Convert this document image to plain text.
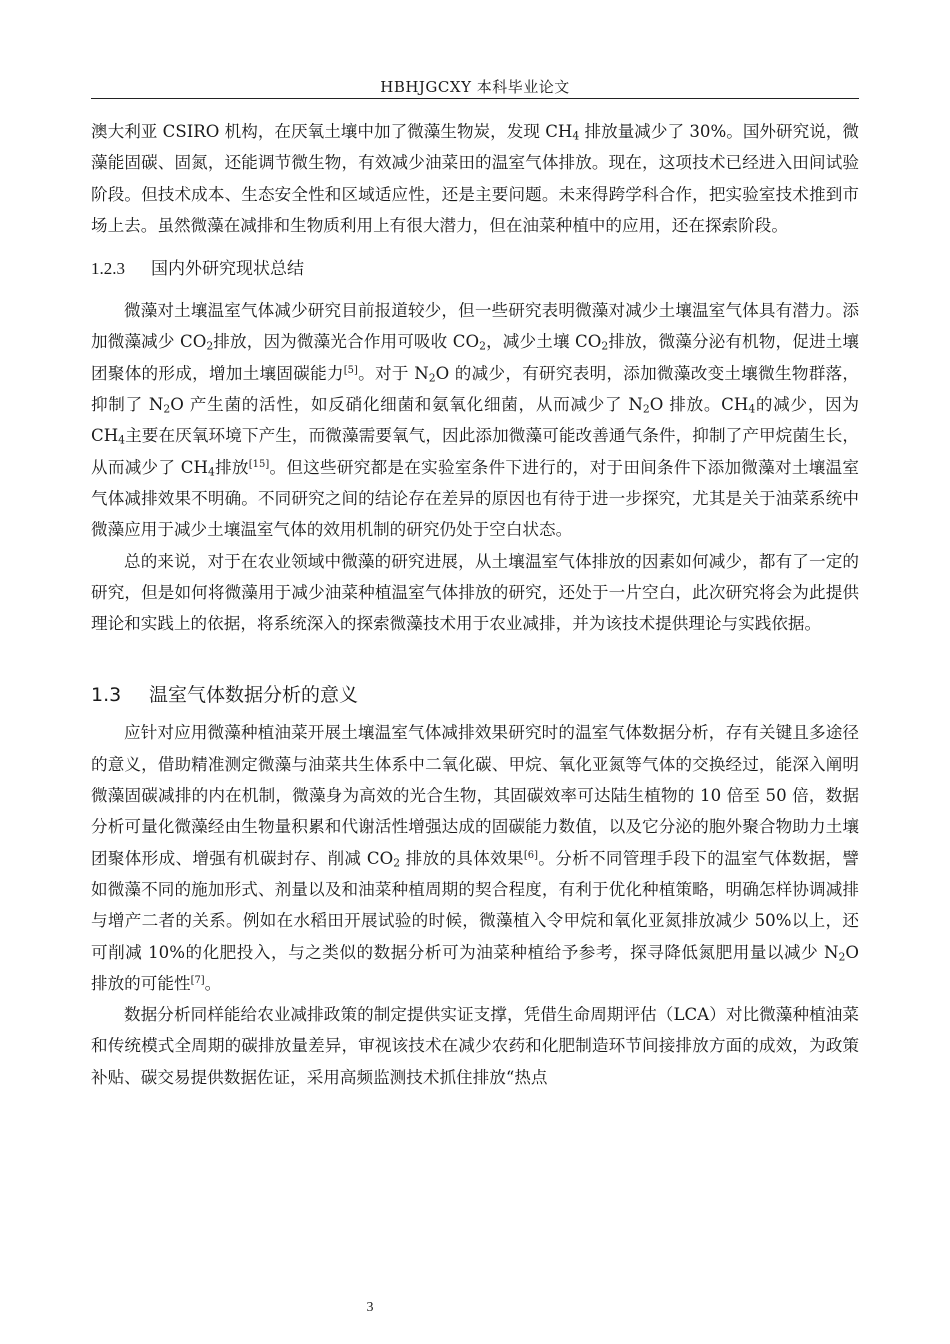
HBHJGCXY 本科毕业论文

澳大利亚 CSIRO 机构，在厌氧土壤中加了微藻生物炭，发现 $CH_4$ 排放量减少了 30%。国外研究说，微藻能固碳、固氮，还能调节微生物，有效减少油菜田的温室气体排放。现在，这项技术已经进入田间试验阶段。但技术成本、生态安全性和区域适应性，还是主要问题。未来得跨学科合作，把实验室技术推到市场上去。虽然微藻在减排和生物质利用上有很大潜力，但在油菜种植中的应用，还在探索阶段。

1.2.3 国内外研究现状总结

微藻对土壤温室气体减少研究目前报道较少，但一些研究表明微藻对减少土壤温室气体具有潜力。添加微藻减少 $CO_2$排放，因为微藻光合作用可吸收 $CO_2$，减少土壤 $CO_2$排放，微藻分泌有机物，促进土壤团聚体的形成，增加土壤固碳能力[5]。对于 $N_2O$ 的减少，有研究表明，添加微藻改变土壤微生物群落，抑制了 $N_2O$ 产生菌的活性，如反硝化细菌和氨氧化细菌，从而减少了 $N_2O$ 排放。$CH_4$的减少，因为 $CH_4$主要在厌氧环境下产生，而微藻需要氧气，因此添加微藻可能改善通气条件，抑制了产甲烷菌生长，从而减少了 $CH_4$排放[15]。但这些研究都是在实验室条件下进行的，对于田间条件下添加微藻对土壤温室气体减排效果不明确。不同研究之间的结论存在差异的原因也有待于进一步探究，尤其是关于油菜系统中微藻应用于减少土壤温室气体的效用机制的研究仍处于空白状态。

总的来说，对于在农业领域中微藻的研究进展，从土壤温室气体排放的因素如何减少，都有了一定的研究，但是如何将微藻用于减少油菜种植温室气体排放的研究，还处于一片空白，此次研究将会为此提供理论和实践上的依据，将系统深入的探索微藻技术用于农业减排，并为该技术提供理论与实践依据。

1.3 温室气体数据分析的意义

应针对应用微藻种植油菜开展土壤温室气体减排效果研究时的温室气体数据分析，存有关键且多途径的意义，借助精准测定微藻与油菜共生体系中二氧化碳、甲烷、氧化亚氮等气体的交换经过，能深入阐明微藻固碳减排的内在机制，微藻身为高效的光合生物，其固碳效率可达陆生植物的 10 倍至 50 倍，数据分析可量化微藻经由生物量积累和代谢活性增强达成的固碳能力数值，以及它分泌的胞外聚合物助力土壤团聚体形成、增强有机碳封存、削减 $CO_2$ 排放的具体效果[6]。分析不同管理手段下的温室气体数据，譬如微藻不同的施加形式、剂量以及和油菜种植周期的契合程度，有利于优化种植策略，明确怎样协调减排与增产二者的关系。例如在水稻田开展试验的时候，微藻植入令甲烷和氧化亚氮排放减少 50%以上，还可削减 10%的化肥投入，与之类似的数据分析可为油菜种植给予参考，探寻降低氮肥用量以减少 $N_2O$ 排放的可能性[7]。

数据分析同样能给农业减排政策的制定提供实证支撑，凭借生命周期评估（LCA）对比微藻种植油菜和传统模式全周期的碳排放量差异，审视该技术在减少农药和化肥制造环节间接排放方面的成效，为政策补贴、碳交易提供数据佐证，采用高频监测技术抓住排放“热点

3
